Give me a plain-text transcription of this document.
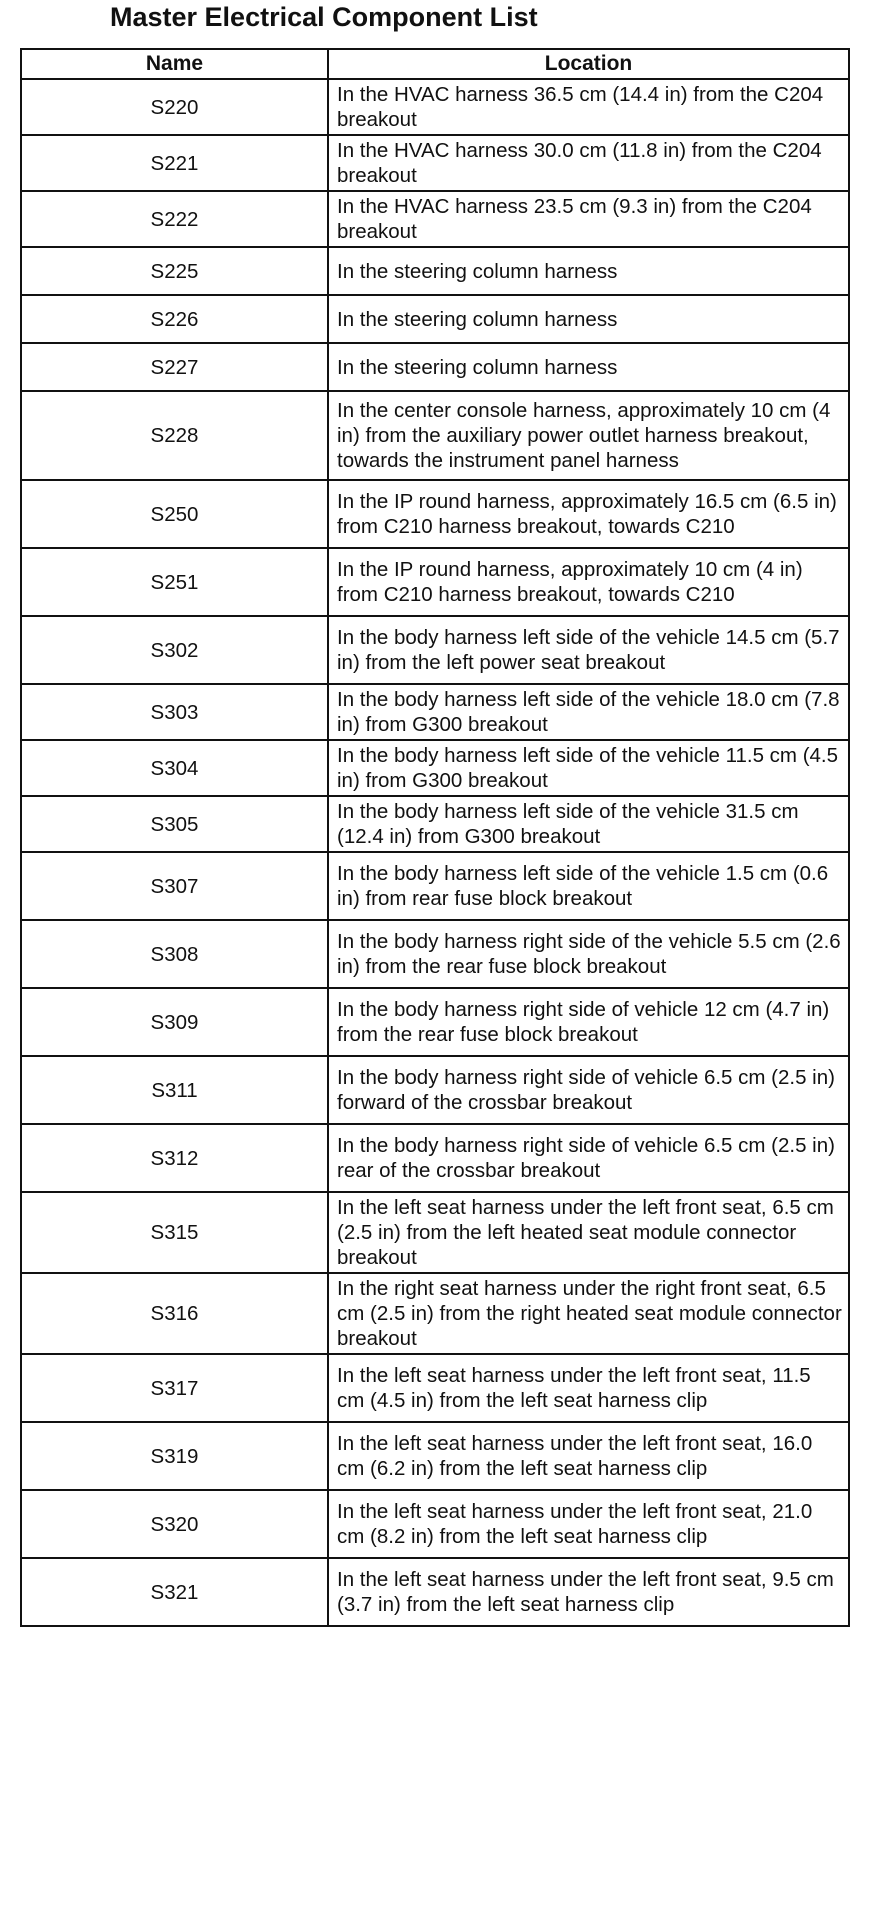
Master Electrical Component List
Name	Location
S220	In the HVAC harness 36.5 cm (14.4 in) from the C204 breakout
S221	In the HVAC harness 30.0 cm (11.8 in) from the C204 breakout
S222	In the HVAC harness 23.5 cm (9.3 in) from the C204 breakout
S225	In the steering column harness
S226	In the steering column harness
S227	In the steering column harness
S228	In the center console harness, approximately 10 cm (4 in) from the auxiliary power outlet harness breakout, towards the instrument panel harness
S250	In the IP round harness, approximately 16.5 cm (6.5 in) from C210 harness breakout, towards C210
S251	In the IP round harness, approximately 10 cm (4 in) from C210 harness breakout, towards C210
S302	In the body harness left side of the vehicle 14.5 cm (5.7 in) from the left power seat breakout
S303	In the body harness left side of the vehicle 18.0 cm (7.8 in) from G300 breakout
S304	In the body harness left side of the vehicle 11.5 cm (4.5 in) from G300 breakout
S305	In the body harness left side of the vehicle 31.5 cm (12.4 in) from G300 breakout
S307	In the body harness left side of the vehicle 1.5 cm (0.6 in) from rear fuse block breakout
S308	In the body harness right side of the vehicle 5.5 cm (2.6 in) from the rear fuse block breakout
S309	In the body harness right side of vehicle 12 cm (4.7 in) from the rear fuse block breakout
S311	In the body harness right side of vehicle 6.5 cm (2.5 in) forward of the crossbar breakout
S312	In the body harness right side of vehicle 6.5 cm (2.5 in) rear of the crossbar breakout
S315	In the left seat harness under the left front seat, 6.5 cm (2.5 in) from the left heated seat module connector breakout
S316	In the right seat harness under the right front seat, 6.5 cm (2.5 in) from the right heated seat module connector breakout
S317	In the left seat harness under the left front seat, 11.5 cm (4.5 in) from the left seat harness clip
S319	In the left seat harness under the left front seat, 16.0 cm (6.2 in) from the left seat harness clip
S320	In the left seat harness under the left front seat, 21.0 cm (8.2 in) from the left seat harness clip
S321	In the left seat harness under the left front seat, 9.5 cm (3.7 in) from the left seat harness clip
